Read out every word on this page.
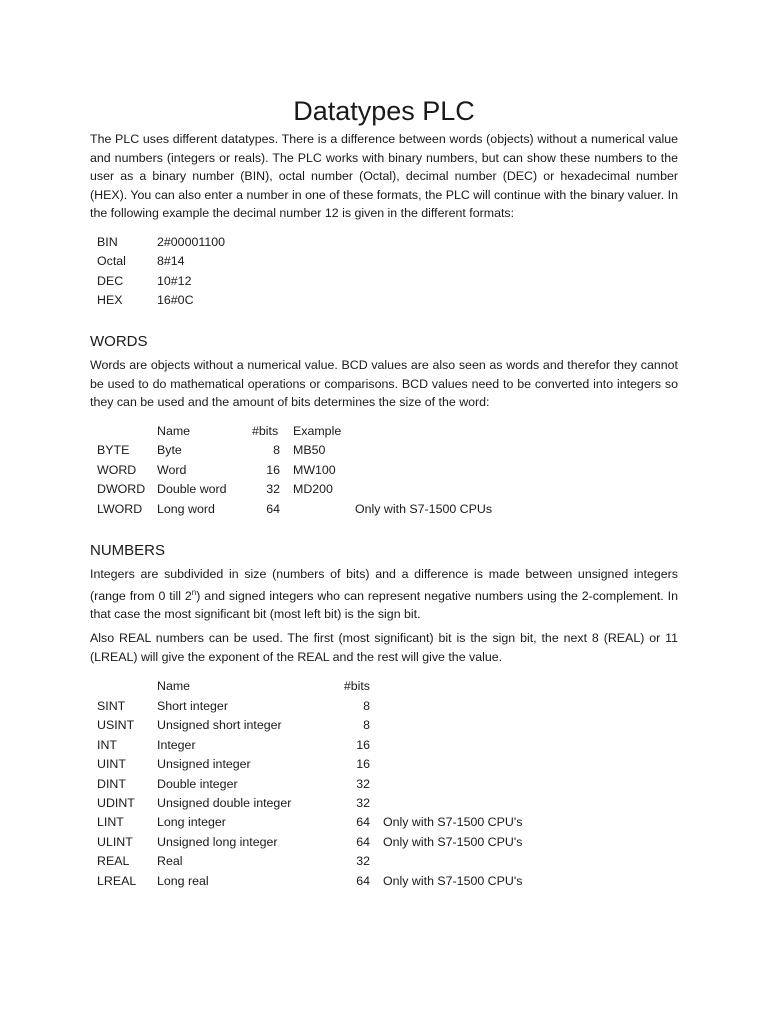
Datatypes PLC

The PLC uses different datatypes. There is a difference between words (objects) without a numerical value and numbers (integers or reals). The PLC works with binary numbers, but can show these numbers to the user as a binary number (BIN), octal number (Octal), decimal number (DEC) or hexadecimal number (HEX). You can also enter a number in one of these formats, the PLC will continue with the binary valuer. In the following example the decimal number 12 is given in the different formats:

BIN	2#00001100
Octal	8#14
DEC	10#12
HEX	16#0C
WORDS

Words are objects without a numerical value. BCD values are also seen as words and therefor they cannot be used to do mathematical operations or comparisons. BCD values need to be converted into integers so they can be used and the amount of bits determines the size of the word:

Name	#bits Example
BYTE Byte	8 MB50
WORD Word	16 MW100
DWORD Double word	32 MD200
LWORD Long word	64	Only with S7-1500 CPUs
NUMBERS

Integers are subdivided in size (numbers of bits) and a difference is made between unsigned integers (range from 0 till 2$^n$) and signed integers who can represent negative numbers using the 2-complement. In that case the most significant bit (most left bit) is the sign bit.

Also REAL numbers can be used. The first (most significant) bit is the sign bit, the next 8 (REAL) or 11 (LREAL) will give the exponent of the REAL and the rest will give the value.

Name	#bits
SINT	Short integer	8
USINT Unsigned short integer	8
INT	Integer	16
UINT	Unsigned integer	16
DINT	Double integer	32
UDINT Unsigned double integer	32
LINT	Long integer	64 Only with S7-1500 CPU's
ULINT Unsigned long integer	64 Only with S7-1500 CPU's
REAL Real	32
LREAL Long real	64 Only with S7-1500 CPU's
